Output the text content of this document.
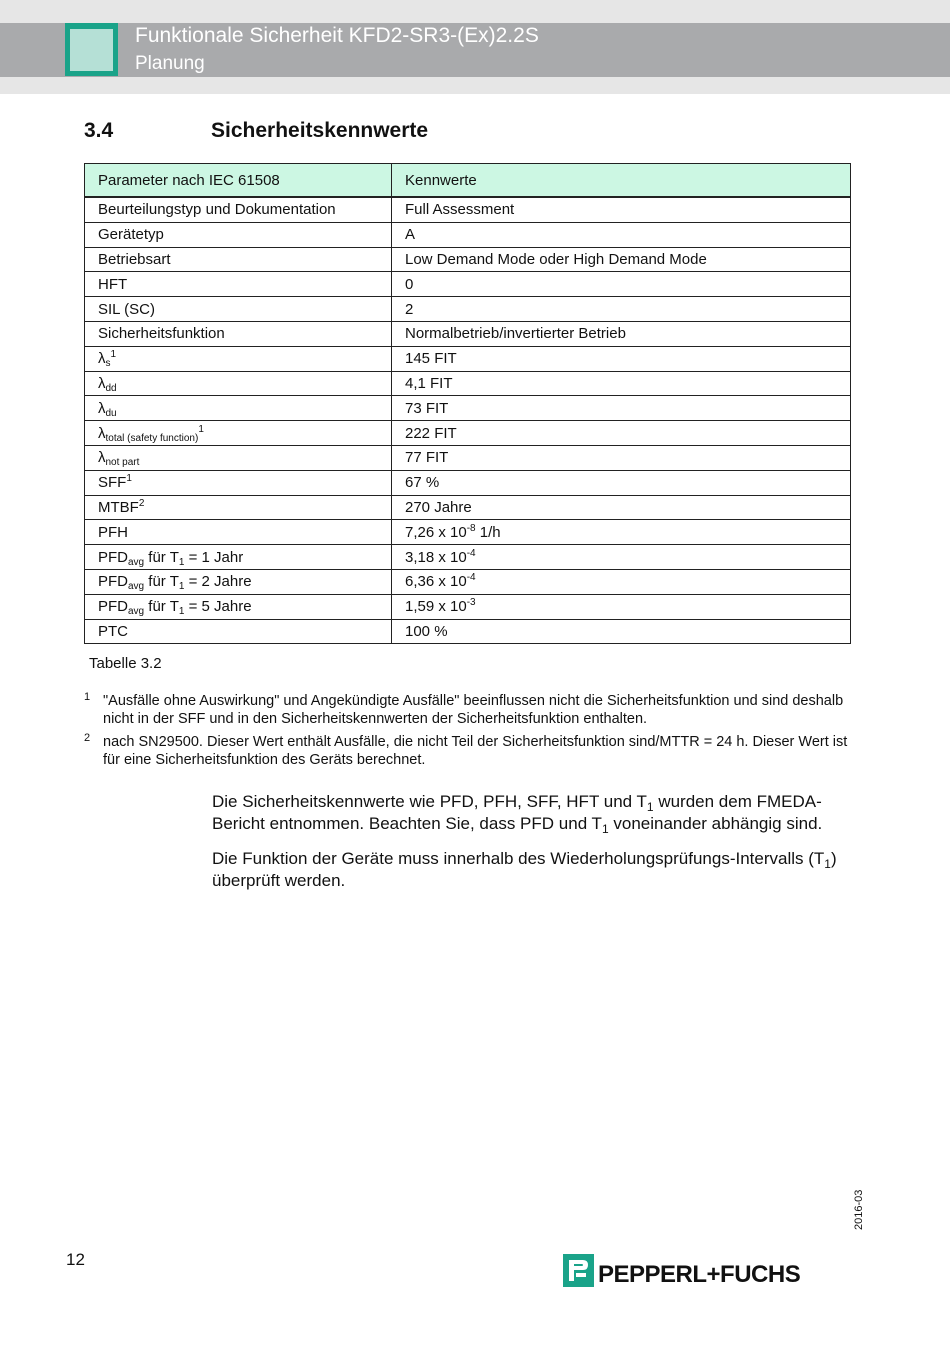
Funktionale Sicherheit KFD2-SR3-(Ex)2.2S
Planung
3.4	Sicherheitskennwerte
Parameter nach IEC 61508	Kennwerte
Beurteilungstyp und Dokumentation	Full Assessment
Gerätetyp	A
Betriebsart	Low Demand Mode oder High Demand Mode
HFT	0
SIL (SC)	2
Sicherheitsfunktion	Normalbetrieb/invertierter Betrieb
$\lambda_s^1$	145 FIT
$\lambda_{dd}$	4,1 FIT
$\lambda_{du}$	73 FIT
$\lambda_{total (safety function)}^1$	222 FIT
$\lambda_{not part}$	77 FIT
SFF$^1$	67 %
MTBF$^2$	270 Jahre
PFH	7,26 x $10^{-8}$ 1/h
$PFD_{avg}$ für $T_1 = 1$ Jahr	3,18 x $10^{-4}$
$PFD_{avg}$ für $T_1 = 2$ Jahre	6,36 x $10^{-4}$
$PFD_{avg}$ für $T_1 = 5$ Jahre	1,59 x $10^{-3}$
PTC	100 %
Tabelle 3.2
1 "Ausfälle ohne Auswirkung" und Angekündigte Ausfälle" beeinflussen nicht die Sicherheitsfunktion und sind deshalb nicht in der SFF und in den Sicherheitskennwerten der Sicherheitsfunktion enthalten.
2 nach SN29500. Dieser Wert enthält Ausfälle, die nicht Teil der Sicherheitsfunktion sind/MTTR = 24 h. Dieser Wert ist für eine Sicherheitsfunktion des Geräts berechnet.
Die Sicherheitskennwerte wie PFD, PFH, SFF, HFT und $T_1$ wurden dem FMEDA-Bericht entnommen. Beachten Sie, dass PFD und $T_1$ voneinander abhängig sind.
Die Funktion der Geräte muss innerhalb des Wiederholungsprüfungs-Intervalls $(T_1)$ überprüft werden.
12
2016-03
PEPPERL+FUCHS
